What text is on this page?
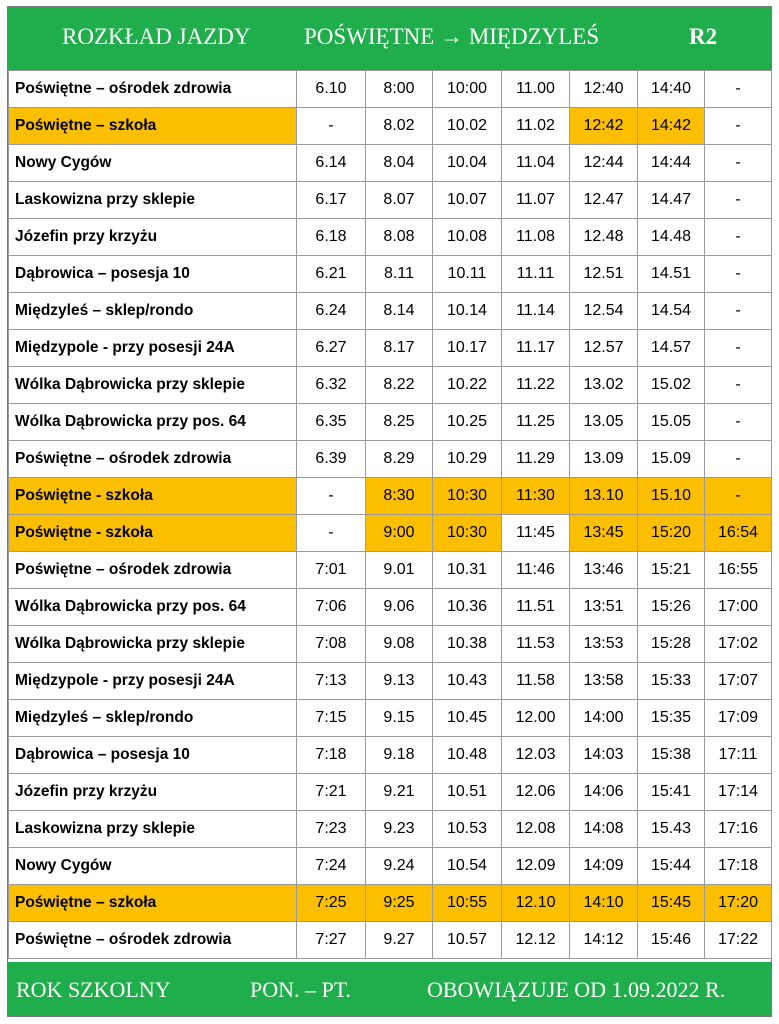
ROZKŁAD JAZDY POŚWIĘTNE → MIĘDZYLEŚ	R2
Poświętne – ośrodek zdrowia	6.10	8:00	10:00	11.00	12:40	14:40	-
Poświętne – szkoła	-	8.02	10.02	11.02	12:42	14:42	-
Nowy Cygów	6.14	8.04	10.04	11.04	12:44	14:44	-
Laskowizna przy sklepie	6.17	8.07	10.07	11.07	12.47	14.47	-
Józefin przy krzyżu	6.18	8.08	10.08	11.08	12.48	14.48	-
Dąbrowica – posesja 10	6.21	8.11	10.11	11.11	12.51	14.51	-
Międzyleś – sklep/rondo	6.24	8.14	10.14	11.14	12.54	14.54	-
Międzypole - przy posesji 24A	6.27	8.17	10.17	11.17	12.57	14.57	-
Wólka Dąbrowicka przy sklepie	6.32	8.22	10.22	11.22	13.02	15.02	-
Wólka Dąbrowicka przy pos. 64	6.35	8.25	10.25	11.25	13.05	15.05	-
Poświętne – ośrodek zdrowia	6.39	8.29	10.29	11.29	13.09	15.09	-
Poświętne - szkoła	-	8:30	10:30	11:30	13.10	15.10	-
Poświętne - szkoła	-	9:00	10:30	11:45	13:45	15:20	16:54
Poświętne – ośrodek zdrowia	7:01	9.01	10.31	11:46	13:46	15:21	16:55
Wólka Dąbrowicka przy pos. 64	7:06	9.06	10.36	11.51	13:51	15:26	17:00
Wólka Dąbrowicka przy sklepie	7:08	9.08	10.38	11.53	13:53	15:28	17:02
Międzypole - przy posesji 24A	7:13	9.13	10.43	11.58	13:58	15:33	17:07
Międzyleś – sklep/rondo	7:15	9.15	10.45	12.00	14:00	15:35	17:09
Dąbrowica – posesja 10	7:18	9.18	10.48	12.03	14:03	15:38	17:11
Józefin przy krzyżu	7:21	9.21	10.51	12.06	14:06	15:41	17:14
Laskowizna przy sklepie	7:23	9.23	10.53	12.08	14:08	15.43	17:16
Nowy Cygów	7:24	9.24	10.54	12.09	14:09	15:44	17:18
Poświętne – szkoła	7:25	9:25	10:55	12.10	14:10	15:45	17:20
Poświętne – ośrodek zdrowia	7:27	9.27	10.57	12.12	14:12	15:46	17:22
ROK SZKOLNY	PON. – PT.	OBOWIĄZUJE OD 1.09.2022 R.
